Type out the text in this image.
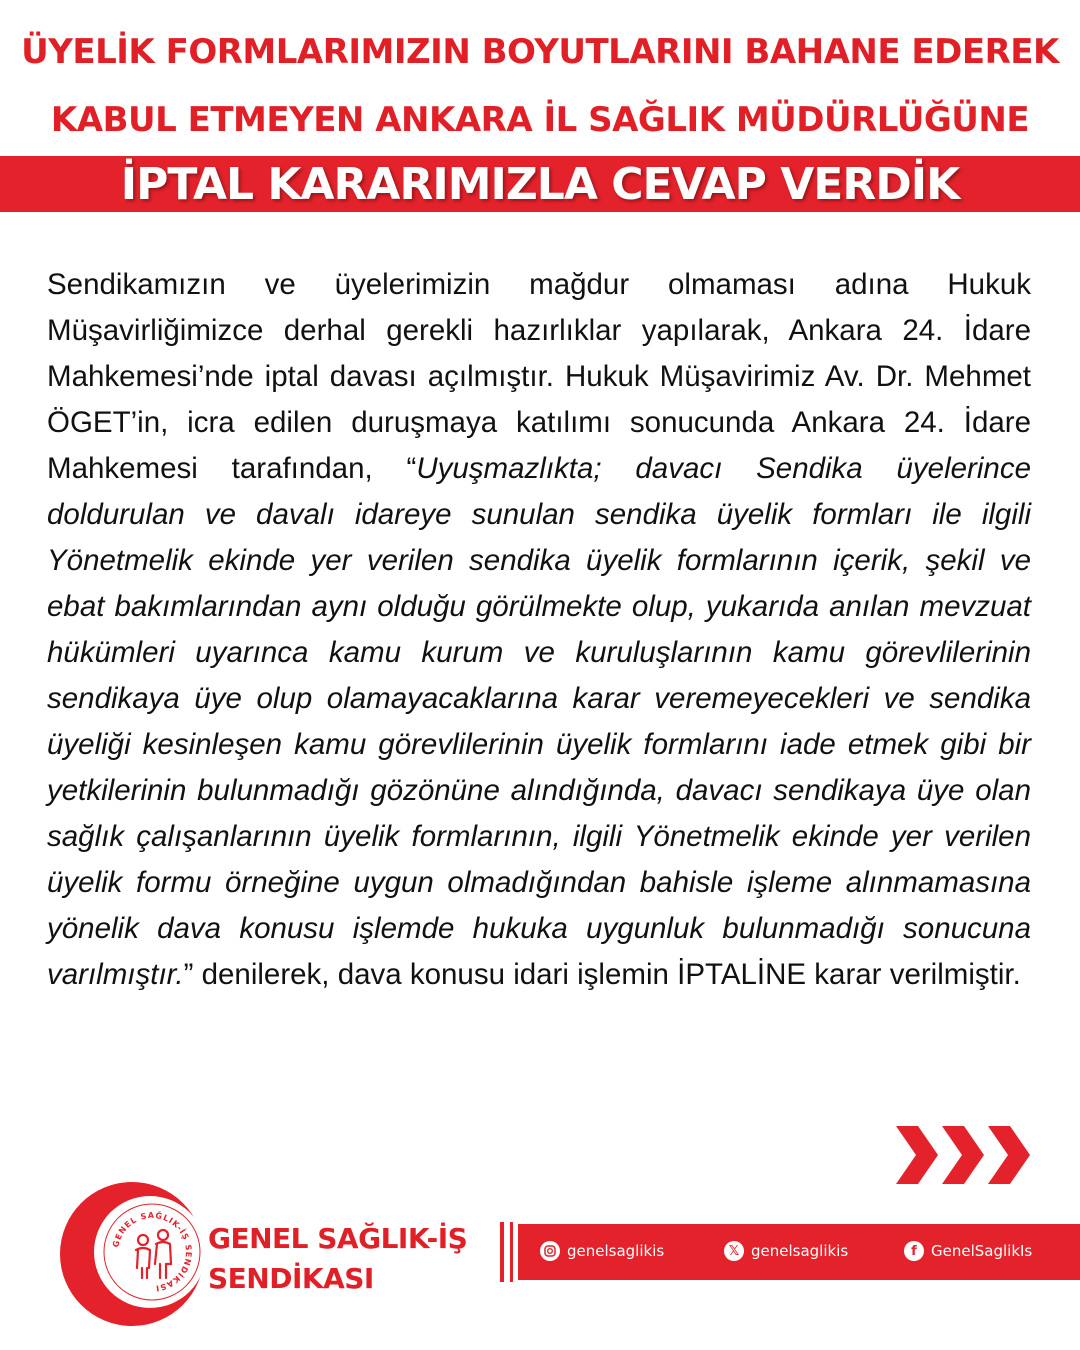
ÜYELİK FORMLARIMIZIN BOYUTLARINI BAHANE EDEREK
KABUL ETMEYEN ANKARA İL SAĞLIK MÜDÜRLÜĞÜNE
İPTAL KARARIMIZLA CEVAP VERDİK
Sendikamızın ve üyelerimizin mağdur olmaması adına Hukuk Müşavirliğimizce derhal gerekli hazırlıklar yapılarak, Ankara 24. İdare Mahkemesi’nde iptal davası açılmıştır. Hukuk Müşavirimiz Av. Dr. Mehmet ÖGET’in, icra edilen duruşmaya katılımı sonucunda Ankara 24. İdare Mahkemesi tarafından, “Uyuşmazlıkta; davacı Sendika üyelerince doldurulan ve davalı idareye sunulan sendika üyelik formları ile ilgili Yönetmelik ekinde yer verilen sendika üyelik formlarının içerik, şekil ve ebat bakımlarından aynı olduğu görülmekte olup, yukarıda anılan mevzuat hükümleri uyarınca kamu kurum ve kuruluşlarının kamu görevlilerinin sendikaya üye olup olamayacaklarına karar veremeyecekleri ve sendika üyeliği kesinleşen kamu görevlilerinin üyelik formlarını iade etmek gibi bir yetkilerinin bulunmadığı gözönüne alındığında, davacı sendikaya üye olan sağlık çalışanlarının üyelik formlarının, ilgili Yönetmelik ekinde yer verilen üyelik formu örneğine uygun olmadığından bahisle işleme alınmamasına yönelik dava konusu işlemde hukuka uygunluk bulunmadığı sonucuna varılmıştır.” denilerek, dava konusu idari işlemin İPTALİNE karar verilmiştir.
GENEL SAĞLIK-İŞ SENDİKASI
GENEL SAĞLIK-İŞ
SENDİKASI
genelsaglikis	𝕏 genelsaglikis	f GenelSaglikIs
